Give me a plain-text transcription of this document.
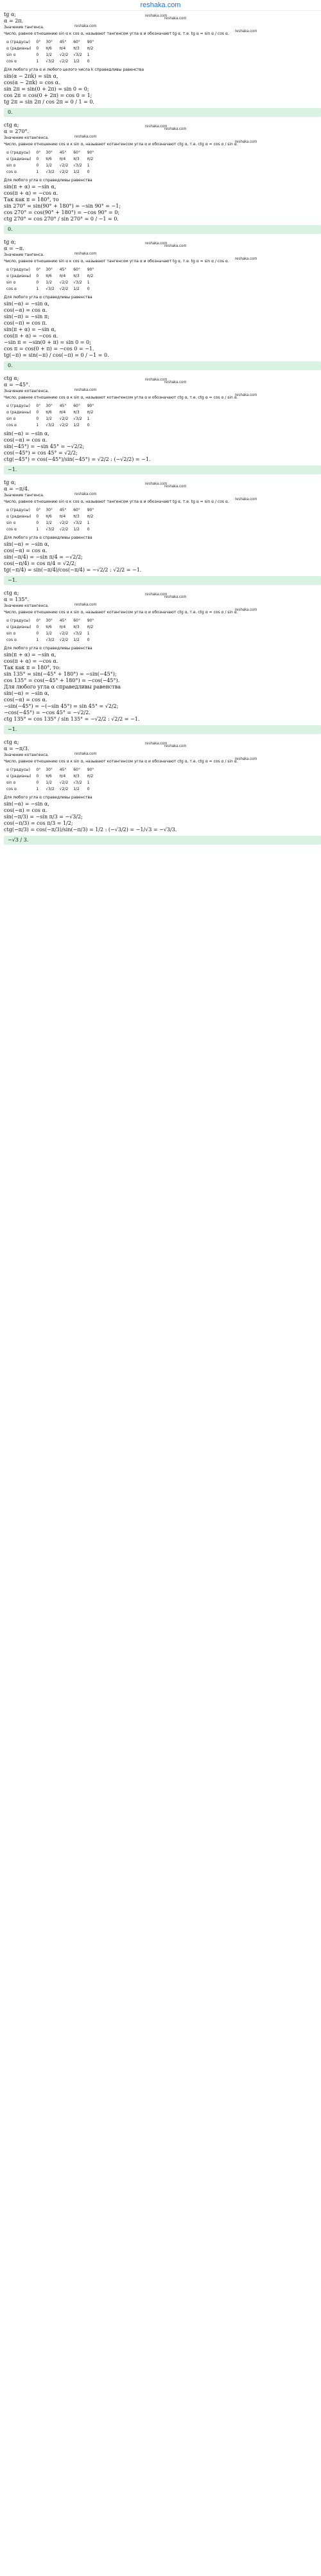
reshaka.com
reshaka.com
reshaka.com
reshaka.com
reshaka.com
tg α;
α = 2π.
Значение тангенса.
Число, равное отношению sin α к cos α, называют тангенсом угла α и обозначают tg α, т.е. tg α = sin α / cos α.
α (градусы)	0°	30°	45°	60°	90°
α (радианы)	0	π/6	π/4	π/3	π/2
sin α	0	1/2	√2/2	√3/2	1
cos α	1	√3/2	√2/2	1/2	0
Для любого угла α и любого целого числа k справедливы равенства
sin(α − 2πk) = sin α,
cos(α − 2πk) = cos α.
sin 2π = sin(0 + 2π) = sin 0 = 0;
cos 2π = cos(0 + 2π) = cos 0 = 1;
tg 2π = sin 2π / cos 2π = 0 / 1 = 0.
0.
reshaka.com
reshaka.com
reshaka.com
reshaka.com
ctg α;
α = 270°.
Значение котангенса.
Число, равное отношению cos α к sin α, называют котангенсом угла α и обозначают ctg α, т.е. ctg α = cos α / sin α.
α (градусы)	0°	30°	45°	60°	90°
α (радианы)	0	π/6	π/4	π/3	π/2
sin α	0	1/2	√2/2	√3/2	1
cos α	1	√3/2	√2/2	1/2	0
Для любого угла α справедливы равенства
sin(π + α) = −sin α,
cos(π + α) = −cos α.
Так как π = 180°, то
sin 270° = sin(90° + 180°) = −sin 90° = −1;
cos 270° = cos(90° + 180°) = −cos 90° = 0;
ctg 270° = cos 270° / sin 270° = 0 / −1 = 0.
0.
reshaka.com
reshaka.com
reshaka.com
reshaka.com
tg α;
α = −π.
Значение тангенса.
Число, равное отношению sin α к cos α, называют тангенсом угла α и обозначают tg α, т.е. tg α = sin α / cos α.
α (градусы)	0°	30°	45°	60°	90°
α (радианы)	0	π/6	π/4	π/3	π/2
sin α	0	1/2	√2/2	√3/2	1
cos α	1	√3/2	√2/2	1/2	0
Для любого угла α справедливы равенства
sin(−α) = −sin α,
cos(−α) = cos α.
sin(−π) = −sin π;
cos(−π) = cos π.
sin(π + α) = −sin α,
cos(π + α) = −cos α.
−sin π = −sin(0 + π) = sin 0 = 0;
cos π = cos(0 + π) = −cos 0 = −1.
tg(−π) = sin(−π) / cos(−π) = 0 / −1 = 0.
0.
reshaka.com
reshaka.com
reshaka.com
reshaka.com
ctg α;
α = −45°.
Значение котангенса.
Число, равное отношению cos α к sin α, называют котангенсом угла α и обозначают ctg α, т.е. ctg α = cos α / sin α.
α (градусы)	0°	30°	45°	60°	90°
α (радианы)	0	π/6	π/4	π/3	π/2
sin α	0	1/2	√2/2	√3/2	1
cos α	1	√3/2	√2/2	1/2	0
sin(−α) = −sin α,
cos(−α) = cos α.
sin(−45°) = −sin 45° = −√2/2;
cos(−45°) = cos 45° = √2/2;
ctg(−45°) = cos(−45°)/sin(−45°) = √2/2 : (−√2/2) = −1.
−1.
reshaka.com
reshaka.com
reshaka.com
reshaka.com
tg α;
α = −π/4.
Значение тангенса.
Число, равное отношению sin α к cos α, называют тангенсом угла α и обозначают tg α, т.е. tg α = sin α / cos α.
α (градусы)	0°	30°	45°	60°	90°
α (радианы)	0	π/6	π/4	π/3	π/2
sin α	0	1/2	√2/2	√3/2	1
cos α	1	√3/2	√2/2	1/2	0
Для любого угла α справедливы равенства
sin(−α) = −sin α,
cos(−α) = cos α.
sin(−π/4) = −sin π/4 = −√2/2;
cos(−π/4) = cos π/4 = √2/2;
tg(−π/4) = sin(−π/4)/cos(−π/4) = −√2/2 : √2/2 = −1.
−1.
reshaka.com
reshaka.com
reshaka.com
reshaka.com
ctg α;
α = 135°.
Значение котангенса.
Число, равное отношению cos α к sin α, называют котангенсом угла α и обозначают ctg α, т.е. ctg α = cos α / sin α.
α (градусы)	0°	30°	45°	60°	90°
α (радианы)	0	π/6	π/4	π/3	π/2
sin α	0	1/2	√2/2	√3/2	1
cos α	1	√3/2	√2/2	1/2	0
Для любого угла α справедливы равенства
sin(π + α) = −sin α,
cos(π + α) = −cos α.
Так как π = 180°, то:
sin 135° = sin(−45° + 180°) = −sin(−45°);
cos 135° = cos(−45° + 180°) = −cos(−45°).
Для любого угла α справедливы равенства
sin(−α) = −sin α,
cos(−α) = cos α.
−sin(−45°) = −(−sin 45°) = sin 45° = √2/2;
−cos(−45°) = −cos 45° = −√2/2.
ctg 135° = cos 135° / sin 135° = −√2/2 : √2/2 = −1.
−1.
reshaka.com
reshaka.com
reshaka.com
reshaka.com
ctg α;
α = −π/3.
Значение котангенса.
Число, равное отношению cos α к sin α, называют котангенсом угла α и обозначают ctg α, т.е. ctg α = cos α / sin α.
α (градусы)	0°	30°	45°	60°	90°
α (радианы)	0	π/6	π/4	π/3	π/2
sin α	0	1/2	√2/2	√3/2	1
cos α	1	√3/2	√2/2	1/2	0
Для любого угла α справедливы равенства
sin(−α) = −sin α,
cos(−α) = cos α.
sin(−π/3) = −sin π/3 = −√3/2;
cos(−π/3) = cos π/3 = 1/2;
ctg(−π/3) = cos(−π/3)/sin(−π/3) = 1/2 : (−√3/2) = −1/√3 = −√3/3.
−√3 / 3.
